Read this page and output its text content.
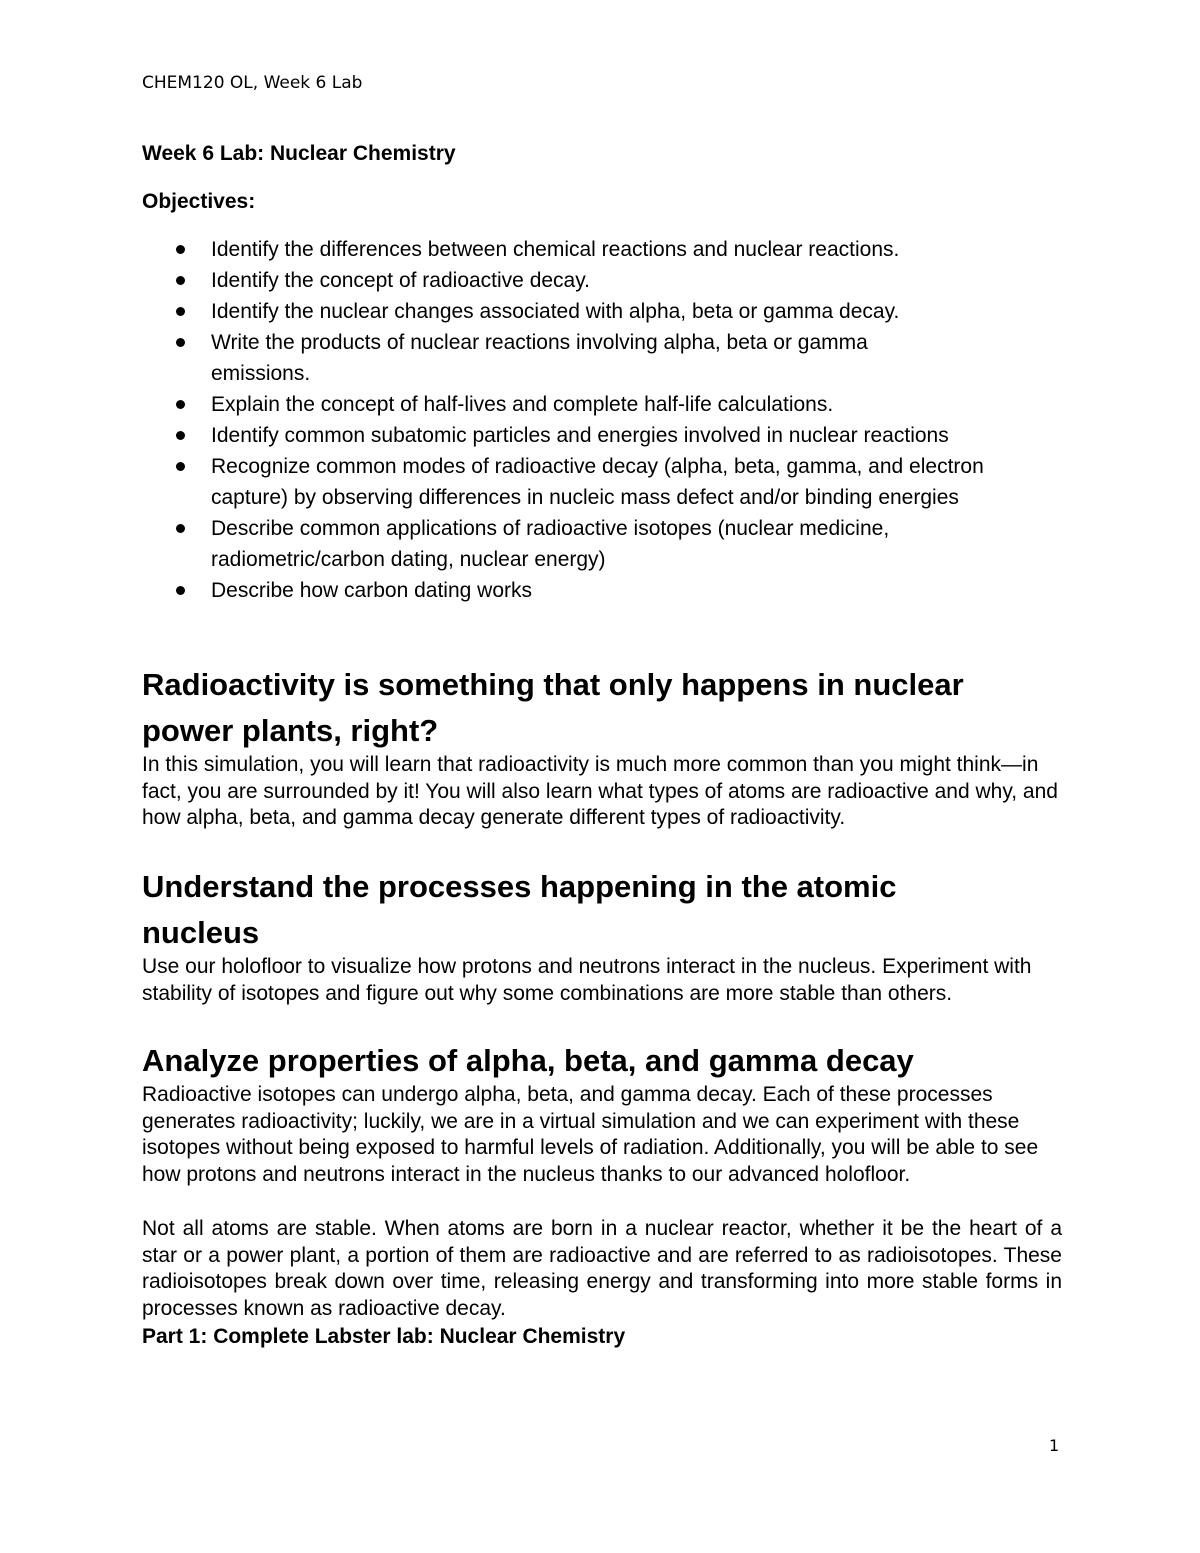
CHEM120 OL, Week 6 Lab
Week 6 Lab: Nuclear Chemistry
Objectives:
Identify the differences between chemical reactions and nuclear reactions.
Identify the concept of radioactive decay.
Identify the nuclear changes associated with alpha, beta or gamma decay.
Write the products of nuclear reactions involving alpha, beta or gamma emissions.
Explain the concept of half-lives and complete half-life calculations.
Identify common subatomic particles and energies involved in nuclear reactions
Recognize common modes of radioactive decay (alpha, beta, gamma, and electron capture) by observing differences in nucleic mass defect and/or binding energies
Describe common applications of radioactive isotopes (nuclear medicine, radiometric/carbon dating, nuclear energy)
Describe how carbon dating works
Radioactivity is something that only happens in nuclear power plants, right?

In this simulation, you will learn that radioactivity is much more common than you might think—in fact, you are surrounded by it! You will also learn what types of atoms are radioactive and why, and how alpha, beta, and gamma decay generate different types of radioactivity.

Understand the processes happening in the atomic nucleus

Use our holofloor to visualize how protons and neutrons interact in the nucleus. Experiment with stability of isotopes and figure out why some combinations are more stable than others.

Analyze properties of alpha, beta, and gamma decay

Radioactive isotopes can undergo alpha, beta, and gamma decay. Each of these processes generates radioactivity; luckily, we are in a virtual simulation and we can experiment with these isotopes without being exposed to harmful levels of radiation. Additionally, you will be able to see how protons and neutrons interact in the nucleus thanks to our advanced holofloor.

Not all atoms are stable. When atoms are born in a nuclear reactor, whether it be the heart of a star or a power plant, a portion of them are radioactive and are referred to as radioisotopes. These radioisotopes break down over time, releasing energy and transforming into more stable forms in processes known as radioactive decay.

Part 1: Complete Labster lab: Nuclear Chemistry
1
